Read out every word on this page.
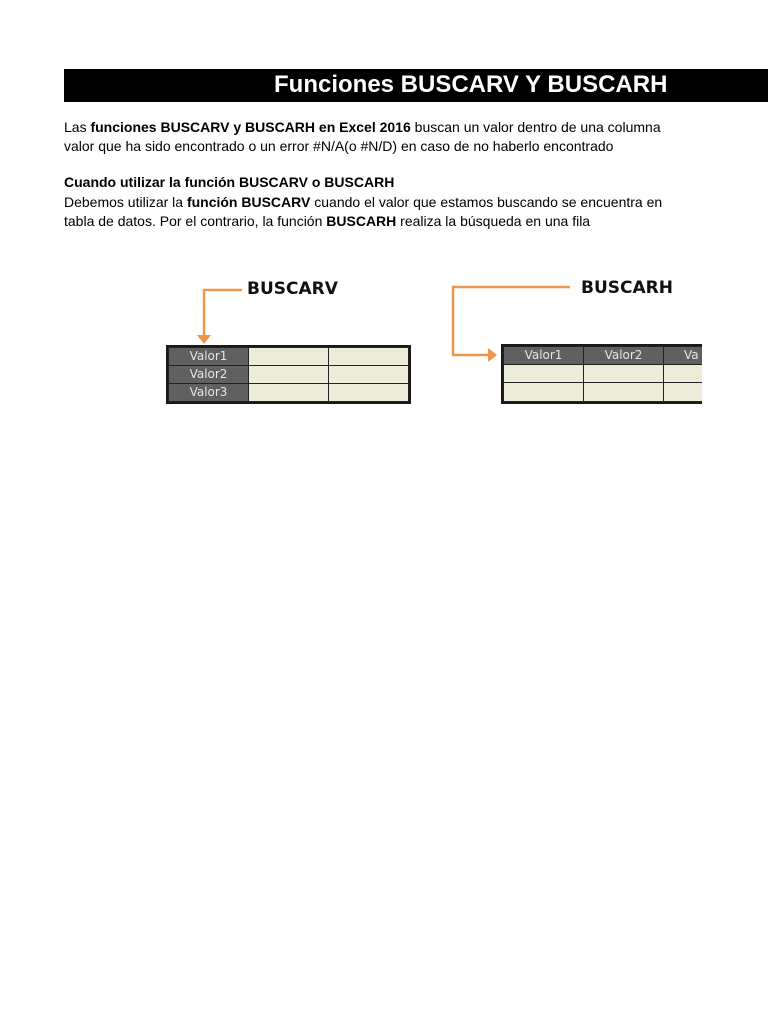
Funciones BUSCARV Y BUSCARH
Las funciones BUSCARV y BUSCARH en Excel 2016 buscan un valor dentro de una columna
valor que ha sido encontrado o un error #N/A(o #N/D) en caso de no haberlo encontrado
Cuando utilizar la función BUSCARV o BUSCARH
Debemos utilizar la función BUSCARV cuando el valor que estamos buscando se encuentra en
tabla de datos. Por el contrario, la función BUSCARH realiza la búsqueda en una fila
BUSCARV	BUSCARH
Valor1
Valor2
Valor3
Valor1	Valor2	Va
